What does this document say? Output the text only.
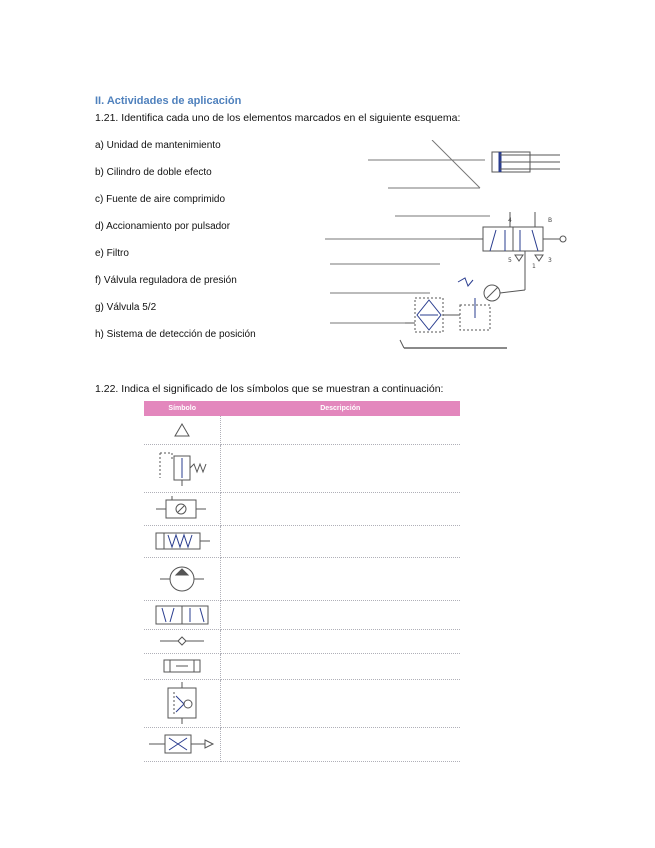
II. Actividades de aplicación
1.21. Identifica cada uno de los elementos marcados en el siguiente esquema:
a) Unidad de mantenimiento
b) Cilindro de doble efecto
c) Fuente de aire comprimido
d) Accionamiento por pulsador
e) Filtro
f) Válvula reguladora de presión
g) Válvula 5/2
h) Sistema de detección de posición
4	B
5	3
1
1.22. Indica el significado de los símbolos que se muestran a continuación:
Símbolo	Descripción
